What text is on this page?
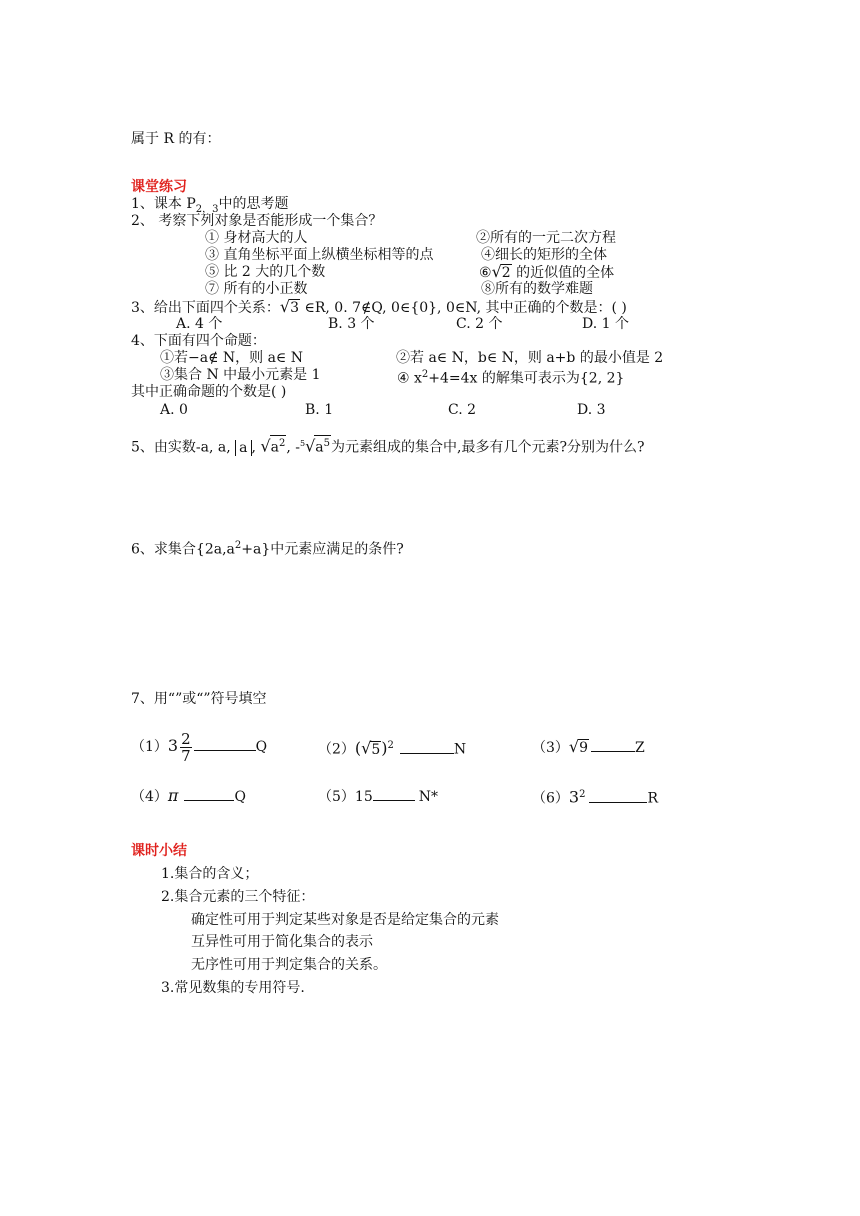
属于 R 的有：
课堂练习
1、课本 $P_{2,3}$中的思考题
2、 考察下列对象是否能形成一个集合？
① 身材高大的人	②所有的一元二次方程
③ 直角坐标平面上纵横坐标相等的点	④细长的矩形的全体
⑤ 比 2 大的几个数	⑥√2 的近似值的全体
⑦ 所有的小正数	⑧所有的数学难题
3、给出下面四个关系：√3 ∈R, 0. 7∉Q, 0∈{0}, 0∈N, 其中正确的个数是：( )
A. 4 个	B. 3 个	C. 2 个	D. 1 个
4、下面有四个命题：
①若−a∉ N，则 a∈ N	②若 a∈ N，b∈ N，则 a+b 的最小值是 2
③集合 N 中最小元素是 1	④ $x^2+4=4x$ 的解集可表示为{2, 2}
其中正确命题的个数是( )
A. 0	B. 1	C. 2	D. 3
5、由实数-a, a, a , $√a^2$, $-^5√a^5$为元素组成的集合中,最多有几个元素?分别为什么?
6、求集合$\{2a,a^2+a\}$中元素应满足的条件?
7、用“”或“”符号填空
$(1)3 \frac{2}{7}$	Q	$(2)(√5)^2$	N	（3）√9	Z
（4）π	Q	（5）15	N*	$(6)3^2$	R
课时小结
1.集合的含义；
2.集合元素的三个特征：
确定性可用于判定某些对象是否是给定集合的元素
互异性可用于简化集合的表示
无序性可用于判定集合的关系。
3.常见数集的专用符号.
